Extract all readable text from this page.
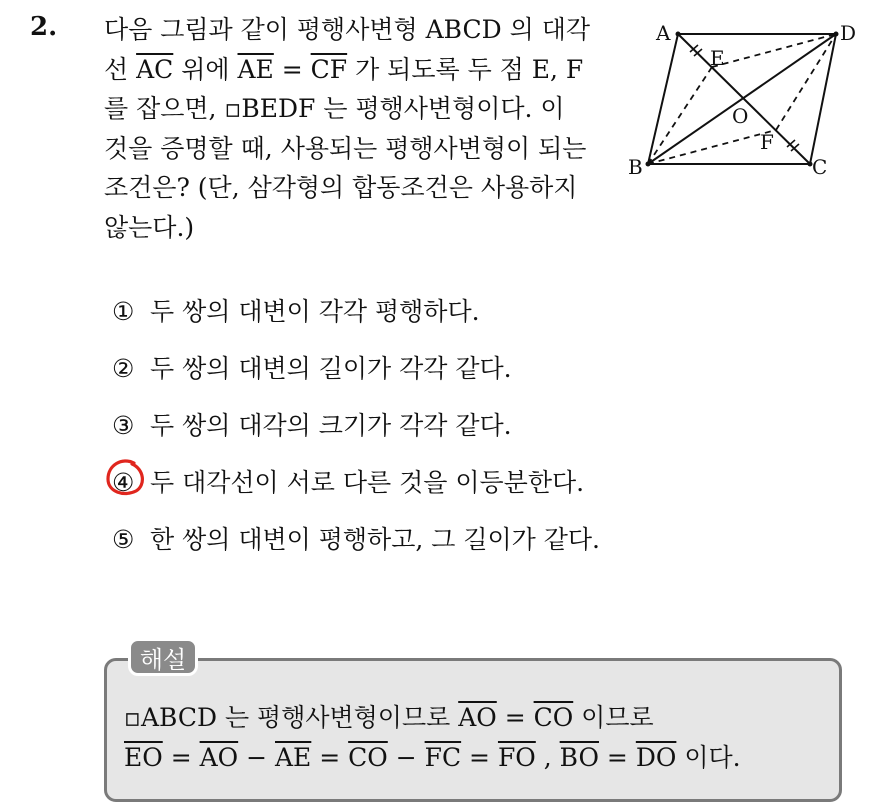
2. 다음 그림과 같이 평행사변형 ABCD 의 대각
선 $\overline{AC}$ 위에 $\overline{AE} = \overline{CF}$ 가 되도록 두 점 E, F
를 잡으면, ▫BEDF 는 평행사변형이다. 이
것을 증명할 때, 사용되는 평행사변형이 되는
조건은? (단, 삼각형의 합동조건은 사용하지
않는다.)
A	D
B	C
E
O
F
① 두 쌍의 대변이 각각 평행하다.
② 두 쌍의 대변의 길이가 각각 같다.
③ 두 쌍의 대각의 크기가 각각 같다.
④ 두 대각선이 서로 다른 것을 이등분한다.
⑤ 한 쌍의 대변이 평행하고, 그 길이가 같다.
해설
▫ABCD 는 평행사변형이므로 $\overline{AO} = \overline{CO}$ 이므로
$\overline{EO} = \overline{AO} - \overline{AE} = \overline{CO} - \overline{FC} = \overline{FO}$ , $\overline{BO} = \overline{DO}$ 이다.
